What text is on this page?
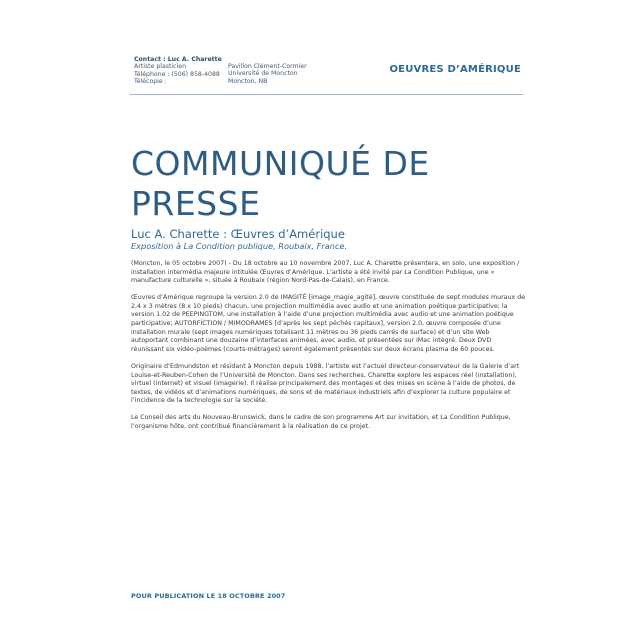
Contact : Luc A. Charette
Artiste plasticien
Téléphone : (506) 858-4088
Télécopie :
Pavillon Clément-Cormier
Université de Moncton
Moncton, NB
OEUVRES D’AMÉRIQUE
COMMUNIQUÉ DE
PRESSE
Luc A. Charette : Œuvres d’Amérique
Exposition à La Condition publique, Roubaix, France.

(Moncton, le 05 octobre 2007) - Du 18 octobre au 10 novembre 2007, Luc A. Charette présentera, en solo, une exposition / installation intermédia majeure intitulée Œuvres d’Amérique. L’artiste a été invité par La Condition Publique, une « manufacture culturelle », située à Roubaix (région Nord-Pas-de-Calais), en France.

Œuvres d’Amérique regroupe la version 2.0 de IMAGITÉ [image_magie_agité], œuvre constituée de sept modules muraux de 2,4 x 3 mètres (8 x 10 pieds) chacun, une projection multimédia avec audio et une animation poétique participative; la version 1.02 de PEEPINGTOM, une installation à l’aide d’une projection multimédia avec audio et une animation poétique participative; AUTORFICTION / MIMODRAMES [d’après les sept péchés capitaux], version 2.0, œuvre composée d’une installation murale (sept images numériques totalisant 11 mètres ou 36 pieds carrés de surface) et d’un site Web autoportant combinant une douzaine d’interfaces animées, avec audio, et présentées sur iMac intégré. Deux DVD réunissant six vidéo-poèmes (courts-métrages) seront également présentés sur deux écrans plasma de 60 pouces.

Originaire d’Edmundston et résidant à Moncton depuis 1988, l’artiste est l’actuel directeur-conservateur de la Galerie d’art Louise-et-Reuben-Cohen de l’Université de Moncton. Dans ses recherches, Charette explore les espaces réel (installation), virtuel (internet) et visuel (imagerie). Il réalise principalement des montages et des mises en scène à l’aide de photos, de textes, de vidéos et d’animations numériques, de sons et de matériaux industriels afin d’explorer la culture populaire et l’incidence de la technologie sur la société.

Le Conseil des arts du Nouveau-Brunswick, dans le cadre de son programme Art sur invitation, et La Condition Publique, l’organisme hôte, ont contribué financièrement à la réalisation de ce projet.

POUR PUBLICATION LE 18 OCTOBRE 2007
